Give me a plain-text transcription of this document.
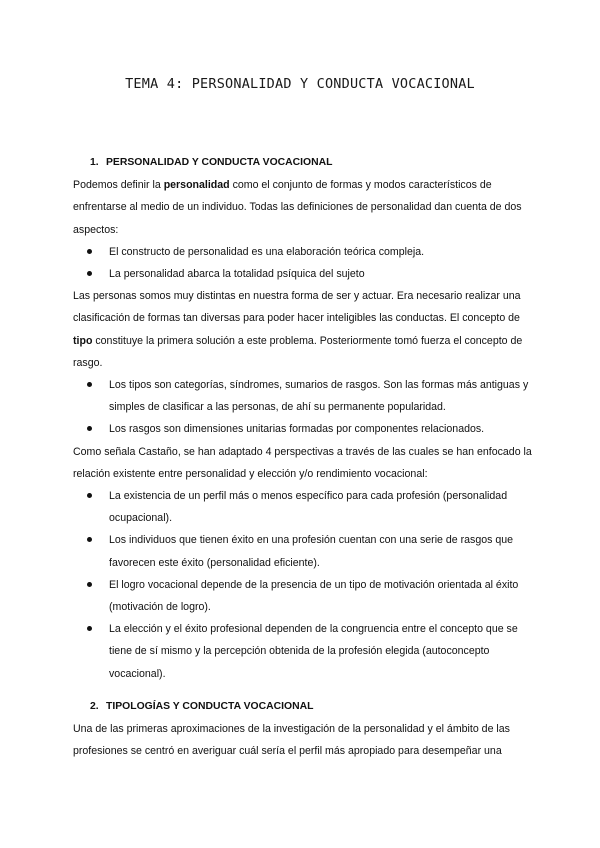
TEMA 4: PERSONALIDAD Y CONDUCTA VOCACIONAL

1. PERSONALIDAD Y CONDUCTA VOCACIONAL

Podemos definir la personalidad como el conjunto de formas y modos característicos de enfrentarse al medio de un individuo. Todas las definiciones de personalidad dan cuenta de dos aspectos:

El constructo de personalidad es una elaboración teórica compleja.
La personalidad abarca la totalidad psíquica del sujeto

Las personas somos muy distintas en nuestra forma de ser y actuar. Era necesario realizar una clasificación de formas tan diversas para poder hacer inteligibles las conductas. El concepto de tipo constituye la primera solución a este problema. Posteriormente tomó fuerza el concepto de rasgo.

Los tipos son categorías, síndromes, sumarios de rasgos. Son las formas más antiguas y simples de clasificar a las personas, de ahí su permanente popularidad.
Los rasgos son dimensiones unitarias formadas por componentes relacionados.

Como señala Castaño, se han adaptado 4 perspectivas a través de las cuales se han enfocado la relación existente entre personalidad y elección y/o rendimiento vocacional:

La existencia de un perfil más o menos específico para cada profesión (personalidad ocupacional).
Los individuos que tienen éxito en una profesión cuentan con una serie de rasgos que favorecen este éxito (personalidad eficiente).
El logro vocacional depende de la presencia de un tipo de motivación orientada al éxito (motivación de logro).
La elección y el éxito profesional dependen de la congruencia entre el concepto que se tiene de sí mismo y la percepción obtenida de la profesión elegida (autoconcepto vocacional).

2. TIPOLOGÍAS Y CONDUCTA VOCACIONAL

Una de las primeras aproximaciones de la investigación de la personalidad y el ámbito de las profesiones se centró en averiguar cuál sería el perfil más apropiado para desempeñar una
